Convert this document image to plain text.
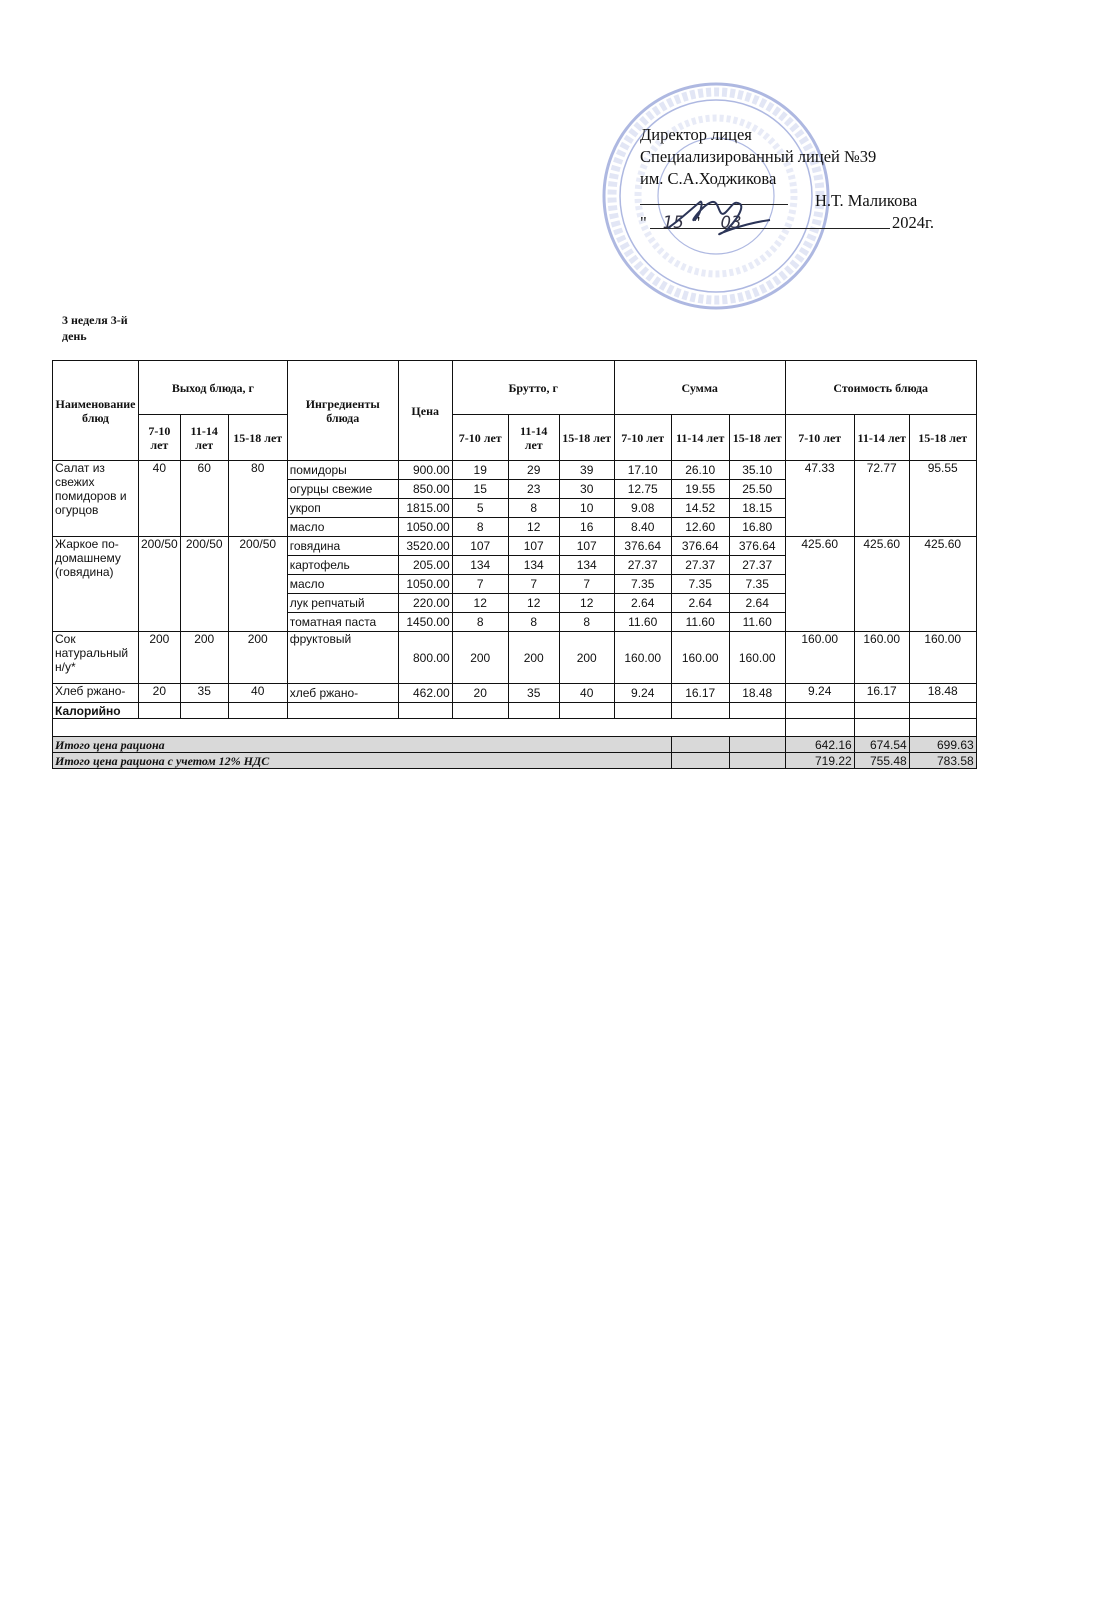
Директор лицея
Специализированный лицей №39
им. С.А.Ходжикова
Н.Т. Маликова
" 15 " 03	2024г.
3 неделя 3-й день
Наименование блюд	Выход блюда, г			Ингредиенты блюда	Цена	Брутто, г			Сумма			Стоимость блюда		
	7-10 лет	11-14 лет	15-18 лет			7-10 лет	11-14 лет	15-18 лет	7-10 лет	11-14 лет	15-18 лет	7-10 лет	11-14 лет	15-18 лет
Салат из свежих помидоров и огурцов	40	60	80	помидоры	900.00	19	29	39	17.10	26.10	35.10	47.33	72.77	95.55
				огурцы свежие	850.00	15	23	30	12.75	19.55	25.50			
				укроп	1815.00	5	8	10	9.08	14.52	18.15			
				масло	1050.00	8	12	16	8.40	12.60	16.80			
Жаркое по-домашнему (говядина)	200/50	200/50	200/50	говядина	3520.00	107	107	107	376.64	376.64	376.64	425.60	425.60	425.60
				картофель	205.00	134	134	134	27.37	27.37	27.37			
				масло	1050.00	7	7	7	7.35	7.35	7.35			
				лук репчатый	220.00	12	12	12	2.64	2.64	2.64			
				томатная паста	1450.00	8	8	8	11.60	11.60	11.60			
Сок натуральный н/у*	200	200	200	фруктовый	800.00	200	200	200	160.00	160.00	160.00	160.00	160.00	160.00
Хлеб ржано-	20	35	40	хлеб ржано-	462.00	20	35	40	9.24	16.17	18.48	9.24	16.17	18.48
Калорийно														

Итого цена рациона												642.16	674.54	699.63
Итого цена рациона с учетом 12% НДС												719.22	755.48	783.58
